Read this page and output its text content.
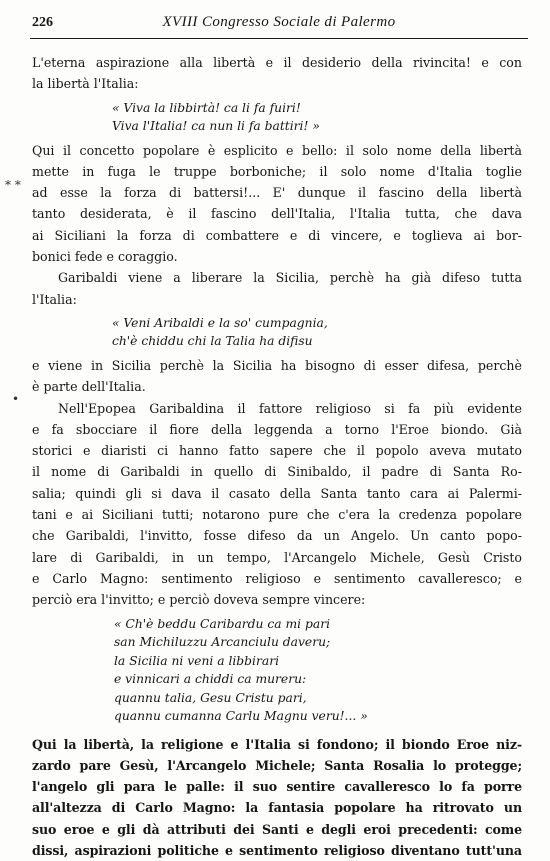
226	XVIII Congresso Sociale di Palermo
* *
•
L'eterna aspirazione alla libertà e il desiderio della rivincita! e con
la libertà l'Italia:
« Viva la libbirtà! ca li fa fuiri!
Viva l'Italia! ca nun li fa battiri! »
Qui il concetto popolare è esplicito e bello: il solo nome della libertà
mette in fuga le truppe borboniche; il solo nome d'Italia toglie
ad esse la forza di battersi!... E' dunque il fascino della libertà
tanto desiderata, è il fascino dell'Italia, l'Italia tutta, che dava
ai Siciliani la forza di combattere e di vincere, e toglieva ai bor-
bonici fede e coraggio.
Garibaldi viene a liberare la Sicilia, perchè ha già difeso tutta
l'Italia:
« Veni Aribaldi e la so' cumpagnia,
ch'è chiddu chi la Talia ha difisu
e viene in Sicilia perchè la Sicilia ha bisogno di esser difesa, perchè
è parte dell'Italia.
Nell'Epopea Garibaldina il fattore religioso si fa più evidente
e fa sbocciare il fiore della leggenda a torno l'Eroe biondo. Già
storici e diaristi ci hanno fatto sapere che il popolo aveva mutato
il nome di Garibaldi in quello di Sinibaldo, il padre di Santa Ro-
salia; quindi gli si dava il casato della Santa tanto cara ai Palermi-
tani e ai Siciliani tutti; notarono pure che c'era la credenza popolare
che Garibaldi, l'invitto, fosse difeso da un Angelo. Un canto popo-
lare di Garibaldi, in un tempo, l'Arcangelo Michele, Gesù Cristo
e Carlo Magno: sentimento religioso e sentimento cavalleresco; e
perciò era l'invitto; e perciò doveva sempre vincere:
« Ch'è beddu Caribardu ca mi pari
san Michiluzzu Arcanciulu daveru;
la Sicilia ni veni a libbirari
e vinnicari a chiddi ca mureru:
quannu talia, Gesu Cristu pari,
quannu cumanna Carlu Magnu veru!... »
Qui la libertà, la religione e l'Italia si fondono; il biondo Eroe niz-
zardo pare Gesù, l'Arcangelo Michele; Santa Rosalia lo protegge;
l'angelo gli para le palle: il suo sentire cavalleresco lo fa porre
all'altezza di Carlo Magno: la fantasia popolare ha ritrovato un
suo eroe e gli dà attributi dei Santi e degli eroi precedenti: come
dissi, aspirazioni politiche e sentimento religioso diventano tutt'una
